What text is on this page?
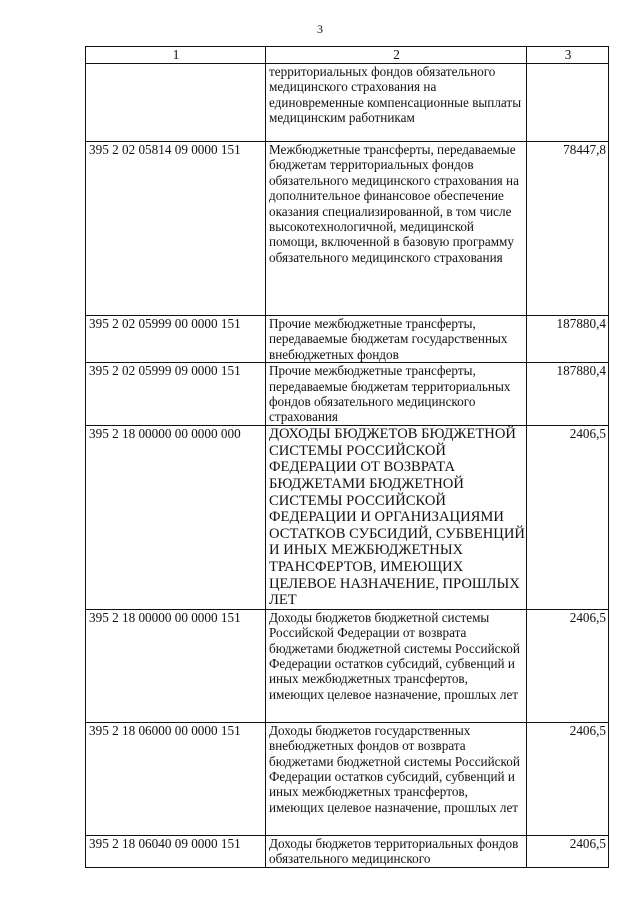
3
1	2	3
	территориальных фондов обязательного медицинского страхования на единовременные компенсационные выплаты медицинским работникам	
395 2 02 05814 09 0000 151	Межбюджетные трансферты, передаваемые бюджетам территориальных фондов обязательного медицинского страхования на дополнительное финансовое обеспечение оказания специализированной, в том числе высокотехнологичной, медицинской помощи, включенной в базовую программу обязательного медицинского страхования	78447,8
395 2 02 05999 00 0000 151	Прочие межбюджетные трансферты, передаваемые бюджетам государственных внебюджетных фондов	187880,4
395 2 02 05999 09 0000 151	Прочие межбюджетные трансферты, передаваемые бюджетам территориальных фондов обязательного медицинского страхования	187880,4
395 2 18 00000 00 0000 000	ДОХОДЫ БЮДЖЕТОВ БЮДЖЕТНОЙ СИСТЕМЫ РОССИЙСКОЙ ФЕДЕРАЦИИ ОТ ВОЗВРАТА БЮДЖЕТАМИ БЮДЖЕТНОЙ СИСТЕМЫ РОССИЙСКОЙ ФЕДЕРАЦИИ И ОРГАНИЗАЦИЯМИ ОСТАТКОВ СУБСИДИЙ, СУБВЕНЦИЙ И ИНЫХ МЕЖБЮДЖЕТНЫХ ТРАНСФЕРТОВ, ИМЕЮЩИХ ЦЕЛЕВОЕ НАЗНАЧЕНИЕ, ПРОШЛЫХ ЛЕТ	2406,5
395 2 18 00000 00 0000 151	Доходы бюджетов бюджетной системы Российской Федерации от возврата бюджетами бюджетной системы Российской Федерации остатков субсидий, субвенций и иных межбюджетных трансфертов, имеющих целевое назначение, прошлых лет	2406,5
395 2 18 06000 00 0000 151	Доходы бюджетов государственных внебюджетных фондов от возврата бюджетами бюджетной системы Российской Федерации остатков субсидий, субвенций и иных межбюджетных трансфертов, имеющих целевое назначение, прошлых лет	2406,5
395 2 18 06040 09 0000 151	Доходы бюджетов территориальных фондов обязательного медицинского	2406,5
